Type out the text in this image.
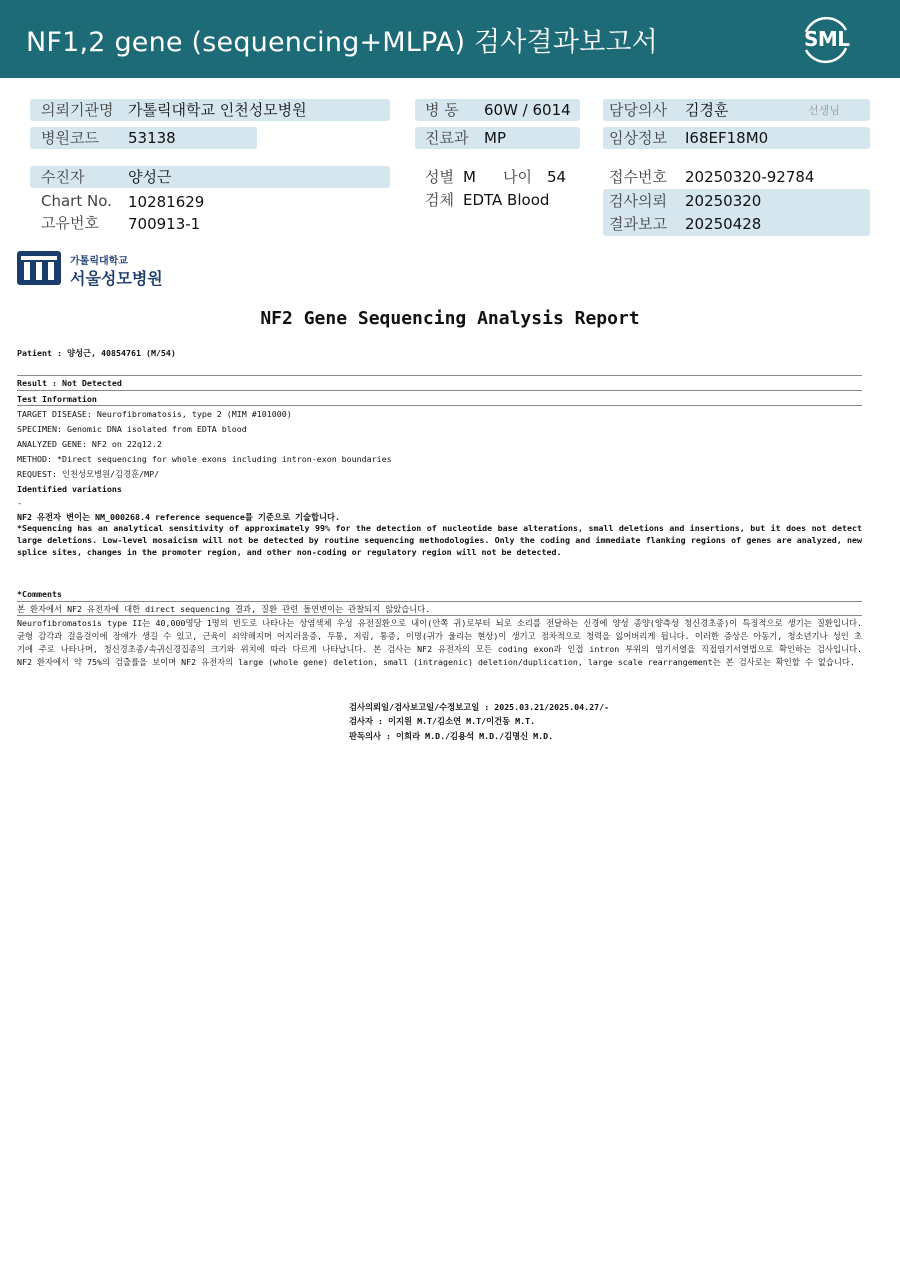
NF1,2 gene (sequencing+MLPA) 검사결과보고서	SML
의뢰기관명 가톨릭대학교 인천성모병원
병원코드 53138
병 동 60W / 6014
진료과 MP
담당의사 김경훈	선생님
임상정보 I68EF18M0
수진자	양성근
Chart No. 10281629
고유번호 700913-1
성별 M 나이 54
검체 EDTA Blood
접수번호 20250320-92784
검사의뢰 20250320
결과보고 20250428
가톨릭대학교
서울성모병원
NF2 Gene Sequencing Analysis Report
Patient : 양성근, 40854761 (M/54)
Result : Not Detected
Test Information
TARGET DISEASE: Neurofibromatosis, type 2 (MIM #101000)
SPECIMEN: Genomic DNA isolated from EDTA blood
ANALYZED GENE: NF2 on 22q12.2
METHOD: *Direct sequencing for whole exons including intron-exon boundaries
REQUEST: 인천성모병원/김경훈/MP/
Identified variations
-
NF2 유전자 변이는 NM_000268.4 reference sequence를 기준으로 기술합니다.
*Sequencing has an analytical sensitivity of approximately 99% for the detection of nucleotide base alterations, small deletions and insertions, but it does not detect large deletions. Low-level mosaicism will not be detected by routine sequencing methodologies. Only the coding and immediate flanking regions of genes are analyzed, new splice sites, changes in the promoter region, and other non-coding or regulatory region will not be detected.
*Comments
본 환자에서 NF2 유전자에 대한 direct sequencing 결과, 질환 관련 돌연변이는 관찰되지 않았습니다.
Neurofibromatosis type II는 40,000명당 1명의 빈도로 나타나는 상염색체 우성 유전질환으로 내이(안쪽 귀)로부터 뇌로 소리를 전달하는 신경에 양성 종양(양측성 청신경초종)이 특징적으로 생기는 질환입니다. 균형 감각과 걸음걸이에 장애가 생길 수 있고, 근육이 쇠약해지며 어지러움증, 두통, 저림, 통증, 이명(귀가 울리는 현상)이 생기고 점차적으로 청력을 잃어버리게 됩니다. 이러한 증상은 아동기, 청소년기나 성인 초기에 주로 나타나며, 청신경초종/속귀신경집종의 크기와 위치에 따라 다르게 나타납니다. 본 검사는 NF2 유전자의 모든 coding exon과 인접 intron 부위의 염기서열을 직접염기서열법으로 확인하는 검사입니다. NF2 환자에서 약 75%의 검출률을 보이며 NF2 유전자의 large (whole gene) deletion, small (intragenic) deletion/duplication, large scale rearrangement는 본 검사로는 확인할 수 없습니다.
검사의뢰일/검사보고일/수정보고일 : 2025.03.21/2025.04.27/-
검사자 : 이지원 M.T/김소연 M.T/이건동 M.T.
판독의사 : 이희라 M.D./김용석 M.D./김명신 M.D.
